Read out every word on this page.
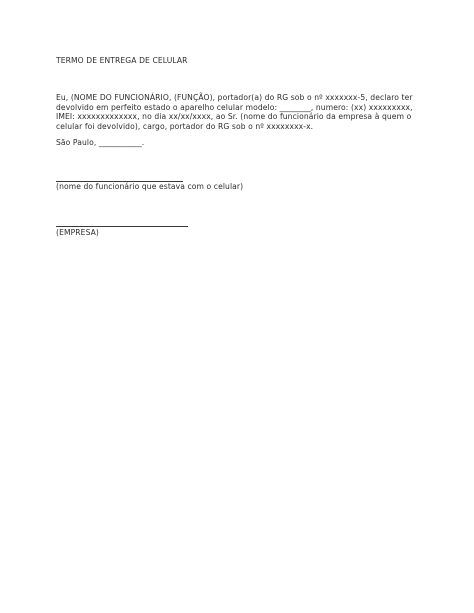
TERMO DE ENTREGA DE CELULAR
Eu, (NOME DO FUNCIONÁRIO, (FUNÇÃO), portador(a) do RG sob o nº xxxxxxx-5, declaro ter devolvido em perfeito estado o aparelho celular modelo: ________, numero: (xx) xxxxxxxxx, IMEI: xxxxxxxxxxxxx, no dia xx/xx/xxxx, ao Sr. (nome do funcionário da empresa à quem o celular foi devolvido), cargo, portador do RG sob o nº xxxxxxxx-x.
São Paulo, ___________.
(nome do funcionário que estava com o celular)
(EMPRESA)
